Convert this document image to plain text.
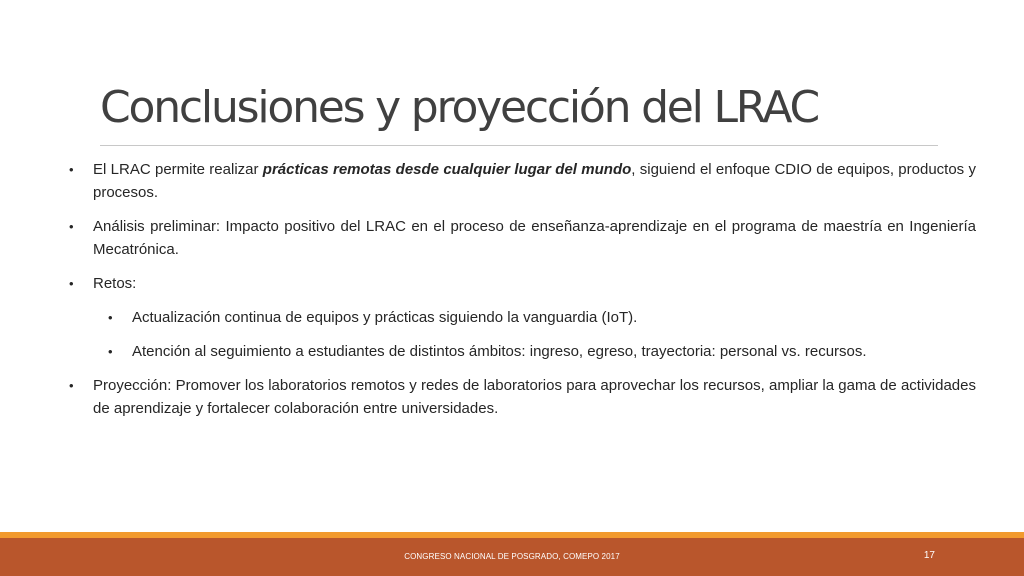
Conclusiones y proyección del LRAC
• El LRAC permite realizar prácticas remotas desde cualquier lugar del mundo, siguiend el enfoque CDIO de equipos, productos y procesos.
• Análisis preliminar: Impacto positivo del LRAC en el proceso de enseñanza-aprendizaje en el programa de maestría en Ingeniería Mecatrónica.
• Retos:
• Actualización continua de equipos y prácticas siguiendo la vanguardia (IoT).
• Atención al seguimiento a estudiantes de distintos ámbitos: ingreso, egreso, trayectoria: personal vs. recursos.
• Proyección: Promover los laboratorios remotos y redes de laboratorios para aprovechar los recursos, ampliar la gama de actividades de aprendizaje y fortalecer colaboración entre universidades.
CONGRESO NACIONAL DE POSGRADO, COMEPO 2017	17
